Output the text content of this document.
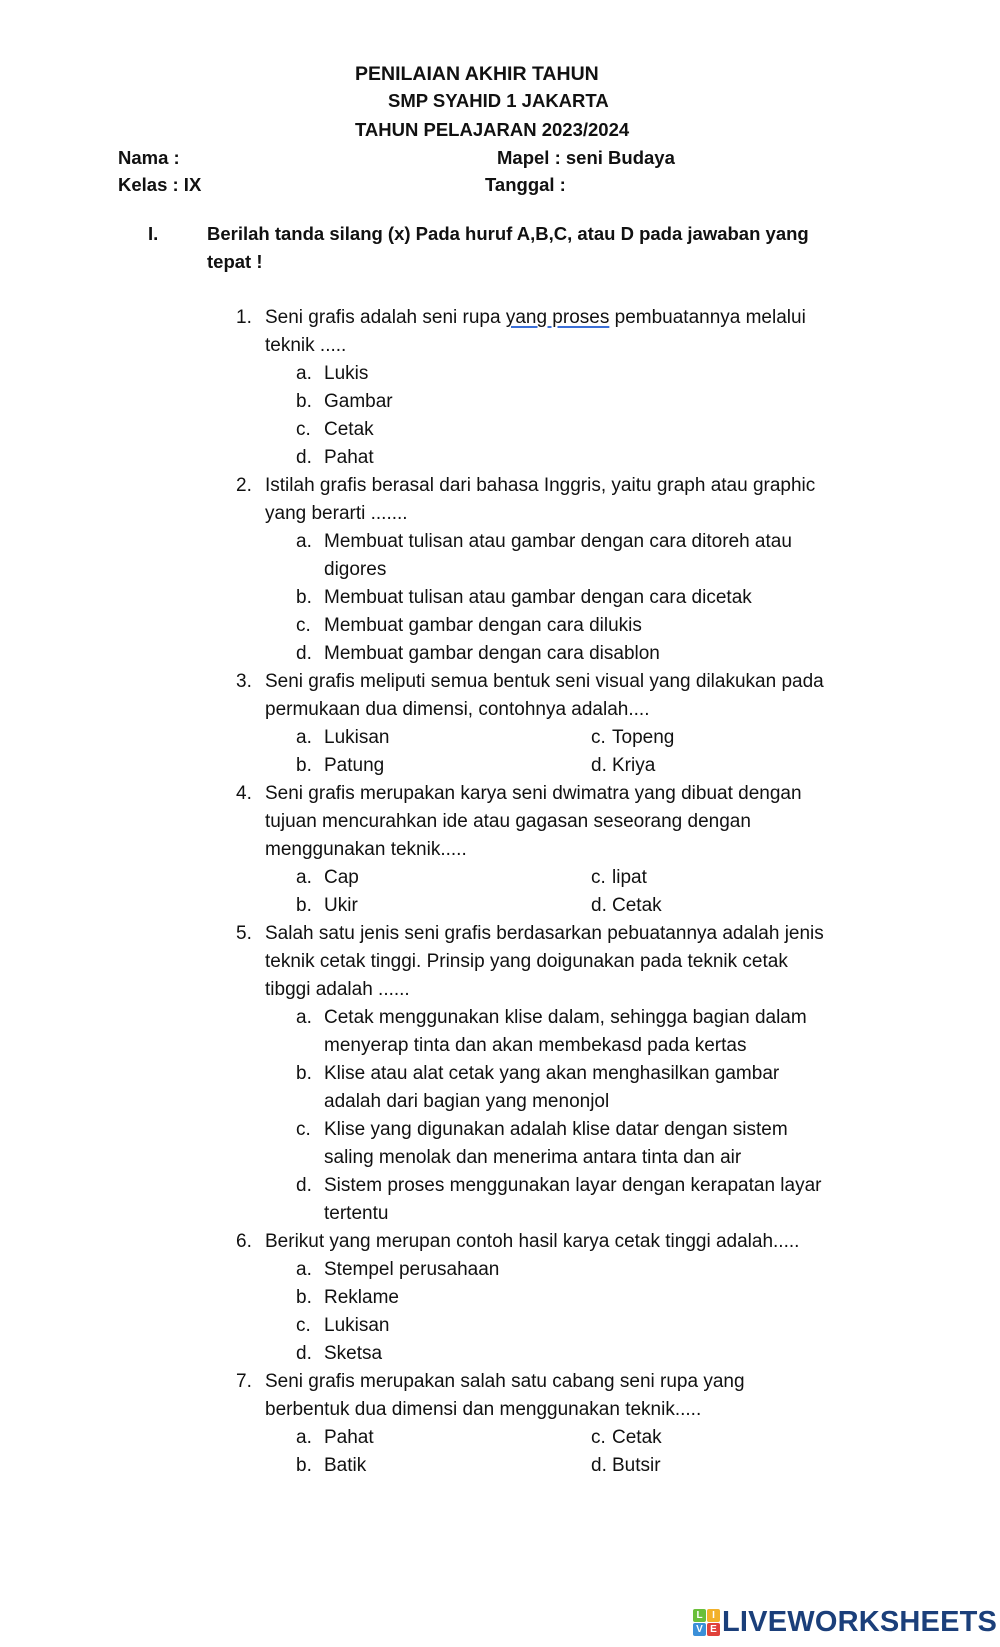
PENILAIAN AKHIR TAHUN
SMP SYAHID 1 JAKARTA
TAHUN PELAJARAN 2023/2024
Nama :	Mapel : seni Budaya
Kelas : IX	Tanggal :
I.	Berilah tanda silang (x) Pada huruf A,B,C, atau D pada jawaban yang
tepat !
1. Seni grafis adalah seni rupa yang proses pembuatannya melalui
teknik .....
a. Lukis
b. Gambar
c. Cetak
d. Pahat
2. Istilah grafis berasal dari bahasa Inggris, yaitu graph atau graphic
yang berarti .......
a. Membuat tulisan atau gambar dengan cara ditoreh atau
digores
b. Membuat tulisan atau gambar dengan cara dicetak
c. Membuat gambar dengan cara dilukis
d. Membuat gambar dengan cara disablon
3. Seni grafis meliputi semua bentuk seni visual yang dilakukan pada
permukaan dua dimensi, contohnya adalah....
a. Lukisan	c. Topeng
b. Patung	d. Kriya
4. Seni grafis merupakan karya seni dwimatra yang dibuat dengan
tujuan mencurahkan ide atau gagasan seseorang dengan
menggunakan teknik.....
a. Cap	c. lipat
b. Ukir	d. Cetak
5. Salah satu jenis seni grafis berdasarkan pebuatannya adalah jenis
teknik cetak tinggi. Prinsip yang doigunakan pada teknik cetak
tibggi adalah ......
a. Cetak menggunakan klise dalam, sehingga bagian dalam
menyerap tinta dan akan membekasd pada kertas
b. Klise atau alat cetak yang akan menghasilkan gambar
adalah dari bagian yang menonjol
c. Klise yang digunakan adalah klise datar dengan sistem
saling menolak dan menerima antara tinta dan air
d. Sistem proses menggunakan layar dengan kerapatan layar
tertentu
6. Berikut yang merupan contoh hasil karya cetak tinggi adalah.....
a. Stempel perusahaan
b. Reklame
c. Lukisan
d. Sketsa
7. Seni grafis merupakan salah satu cabang seni rupa yang
berbentuk dua dimensi dan menggunakan teknik.....
a. Pahat	c. Cetak
b. Batik	d. Butsir
L I
V E LIVEWORKSHEETS
